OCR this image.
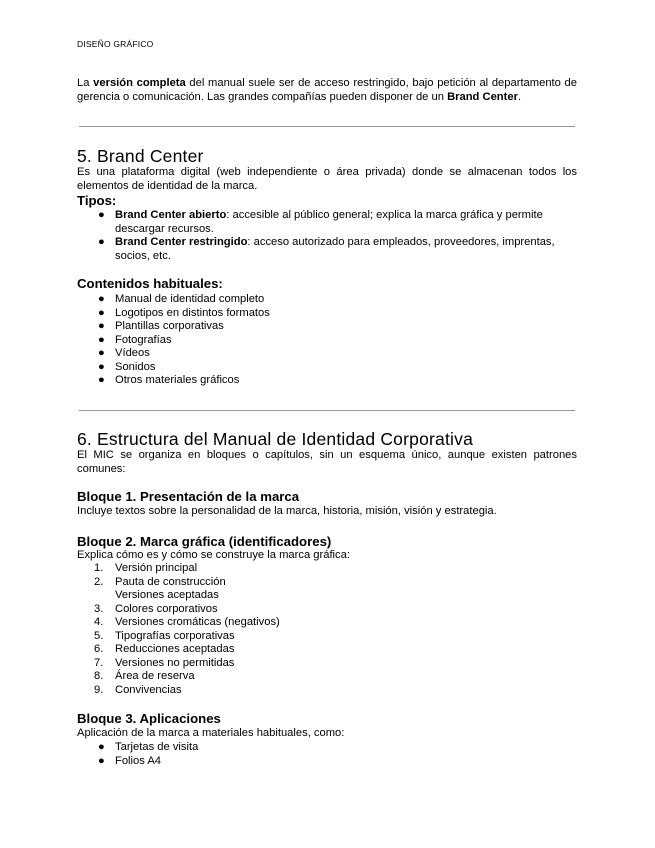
DISEÑO GRÁFICO
La versión completa del manual suele ser de acceso restringido, bajo petición al departamento de gerencia o comunicación. Las grandes compañías pueden disponer de un Brand Center.
5. Brand Center
Es una plataforma digital (web independiente o área privada) donde se almacenan todos los elementos de identidad de la marca.
Tipos:
● Brand Center abierto: accesible al público general; explica la marca gráfica y permite descargar recursos.
● Brand Center restringido: acceso autorizado para empleados, proveedores, imprentas, socios, etc.
Contenidos habituales:
● Manual de identidad completo
● Logotipos en distintos formatos
● Plantillas corporativas
● Fotografías
● Vídeos
● Sonidos
● Otros materiales gráficos
6. Estructura del Manual de Identidad Corporativa
El MIC se organiza en bloques o capítulos, sin un esquema único, aunque existen patrones comunes:
Bloque 1. Presentación de la marca
Incluye textos sobre la personalidad de la marca, historia, misión, visión y estrategia.
Bloque 2. Marca gráfica (identificadores)
Explica cómo es y cómo se construye la marca gráfica:
1. Versión principal
2. Pauta de construcción
Versiones aceptadas
3. Colores corporativos
4. Versiones cromáticas (negativos)
5. Tipografías corporativas
6. Reducciones aceptadas
7. Versiones no permitidas
8. Área de reserva
9. Convivencias
Bloque 3. Aplicaciones
Aplicación de la marca a materiales habituales, como:
● Tarjetas de visita
● Folios A4
